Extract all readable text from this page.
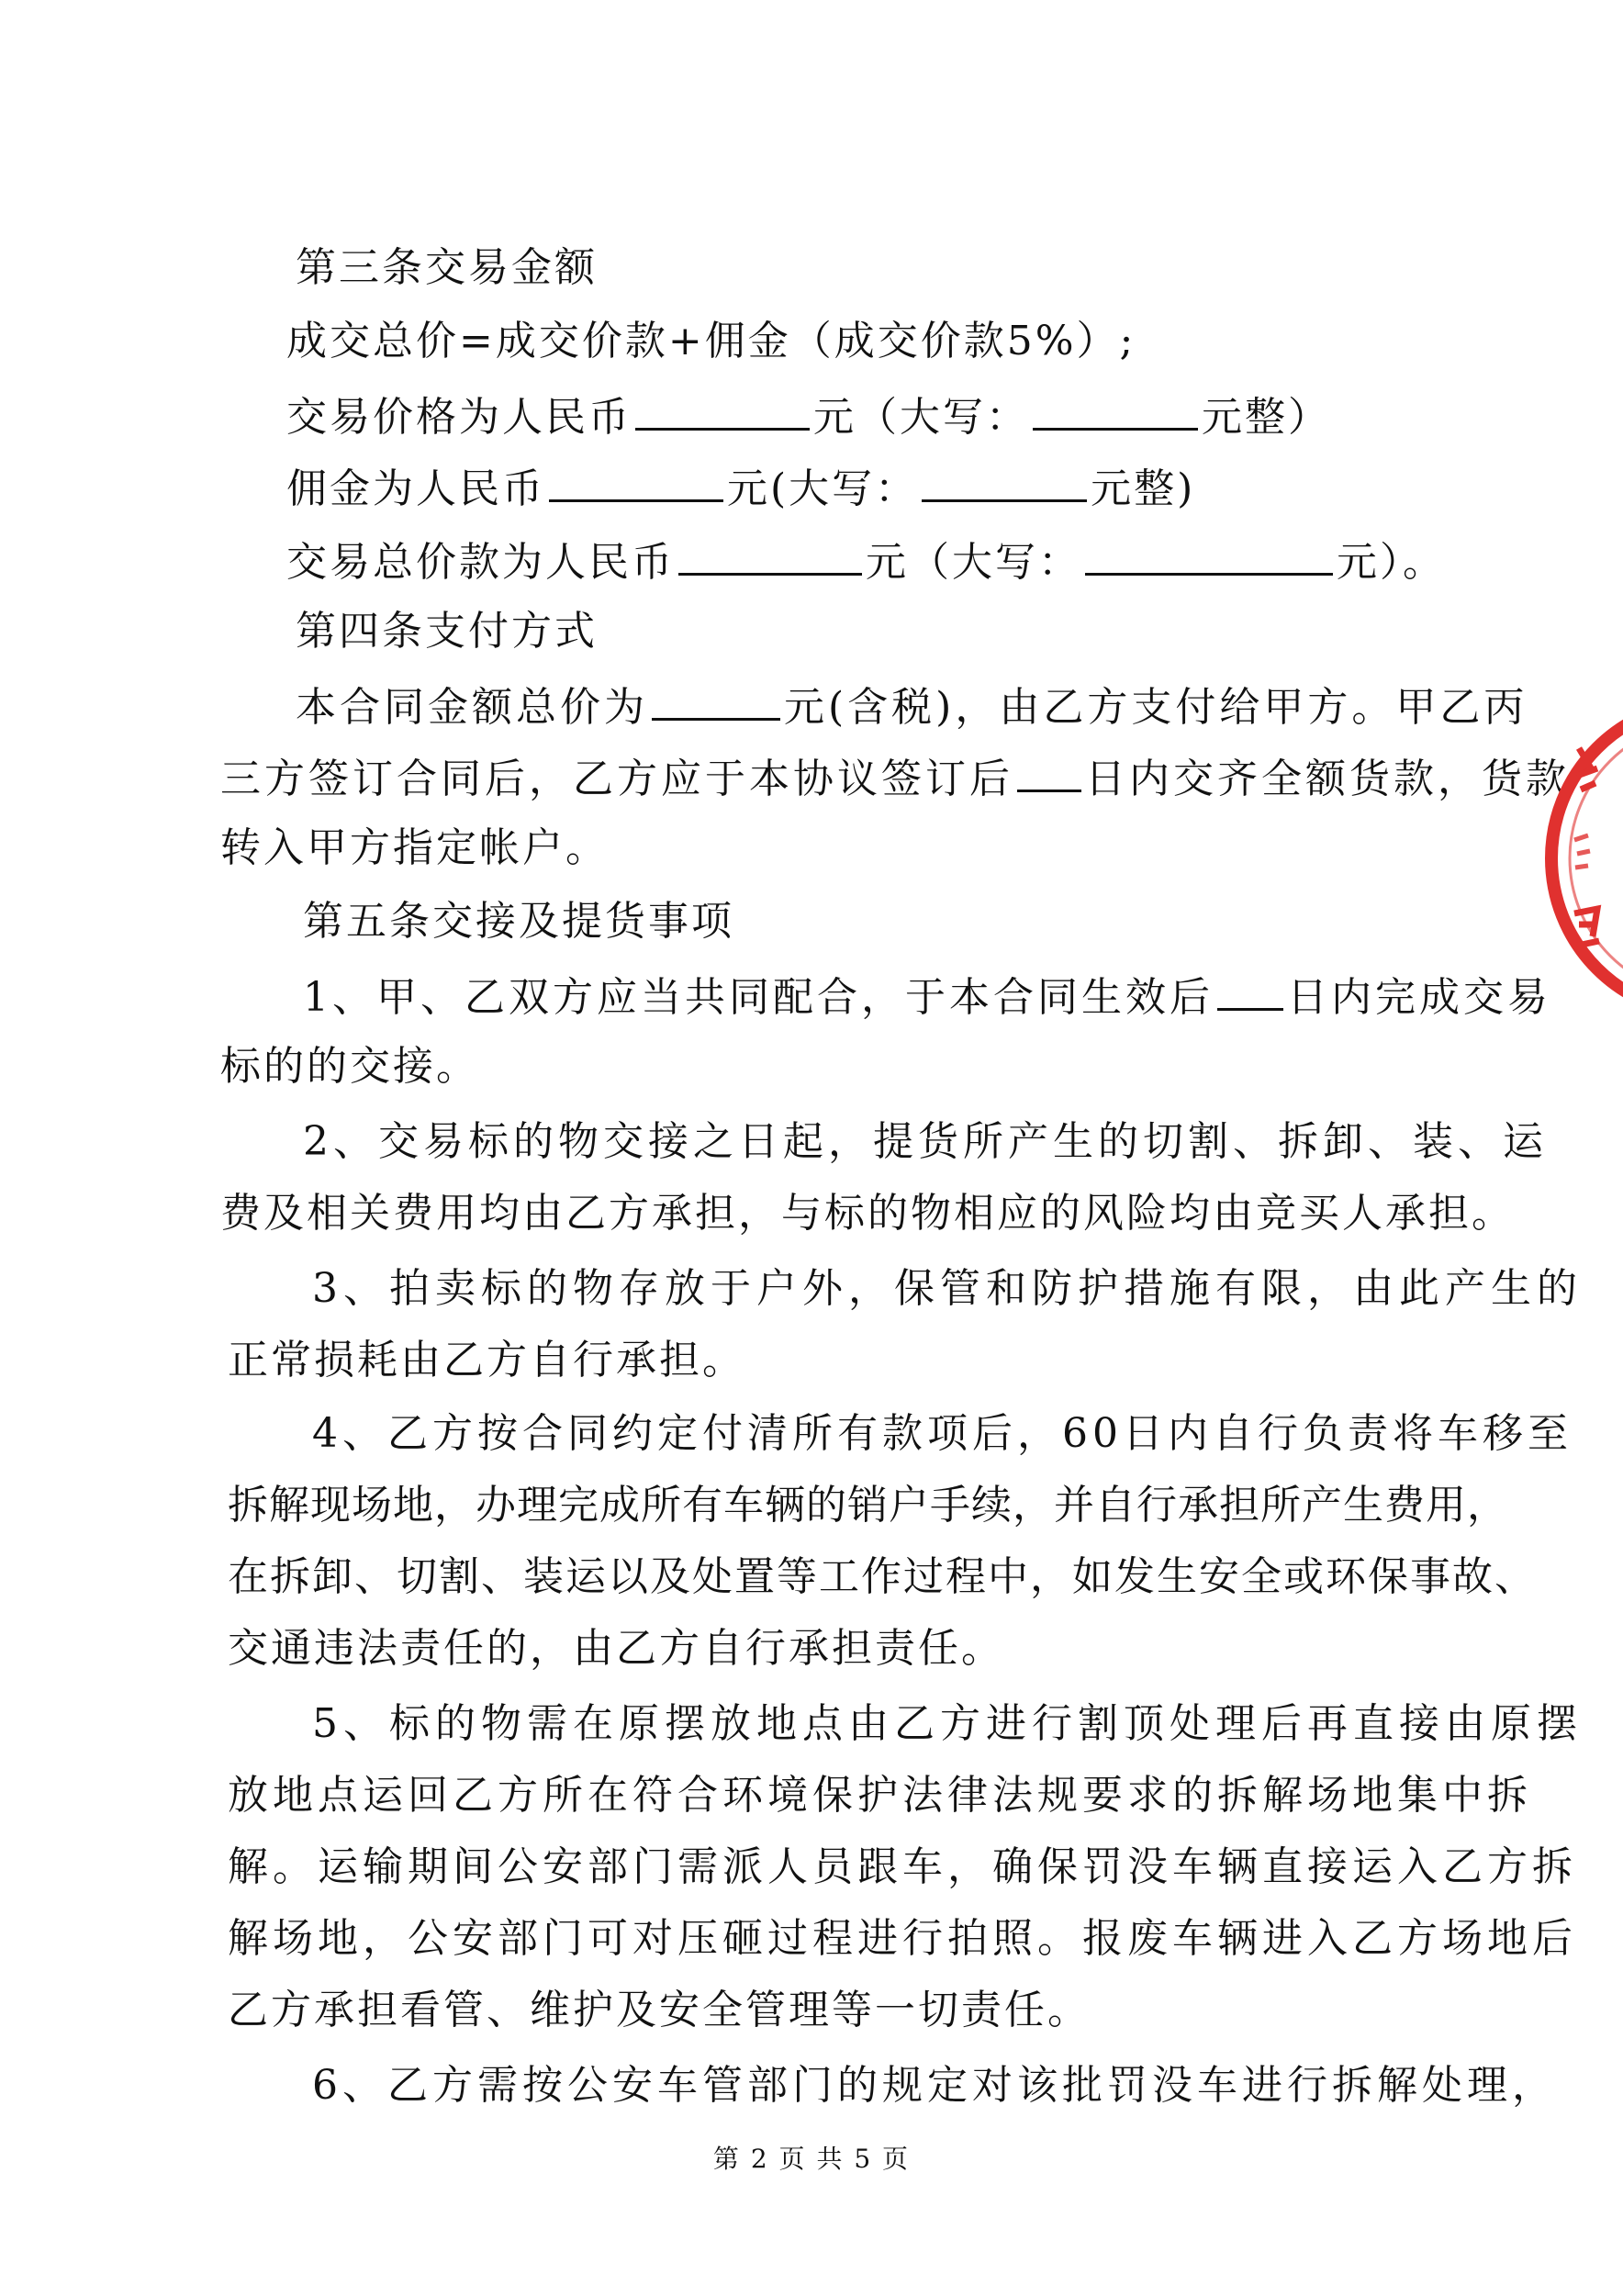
第三条交易金额
成交总价=成交价款+佣金（成交价款5%）;
交易价格为人民币	元（大写：	元整）
佣金为人民币	元(大写：	元整)
交易总价款为人民币	元（大写：	元）。
第四条支付方式
本合同金额总价为	元(含税)，由乙方支付给甲方。甲乙丙
三方签订合同后，乙方应于本协议签订后 日内交齐全额货款，货款
转入甲方指定帐户。
第五条交接及提货事项
1、甲、乙双方应当共同配合，于本合同生效后 日内完成交易
标的的交接。
2、交易标的物交接之日起，提货所产生的切割、拆卸、装、运
费及相关费用均由乙方承担，与标的物相应的风险均由竞买人承担。
3、拍卖标的物存放于户外，保管和防护措施有限，由此产生的
正常损耗由乙方自行承担。
4、乙方按合同约定付清所有款项后，60日内自行负责将车移至
拆解现场地，办理完成所有车辆的销户手续，并自行承担所产生费用，
在拆卸、切割、装运以及处置等工作过程中，如发生安全或环保事故、
交通违法责任的，由乙方自行承担责任。
5、标的物需在原摆放地点由乙方进行割顶处理后再直接由原摆
放地点运回乙方所在符合环境保护法律法规要求的拆解场地集中拆
解。运输期间公安部门需派人员跟车，确保罚没车辆直接运入乙方拆
解场地，公安部门可对压砸过程进行拍照。报废车辆进入乙方场地后
乙方承担看管、维护及安全管理等一切责任。
6、乙方需按公安车管部门的规定对该批罚没车进行拆解处理，
第 2 页 共 5 页
